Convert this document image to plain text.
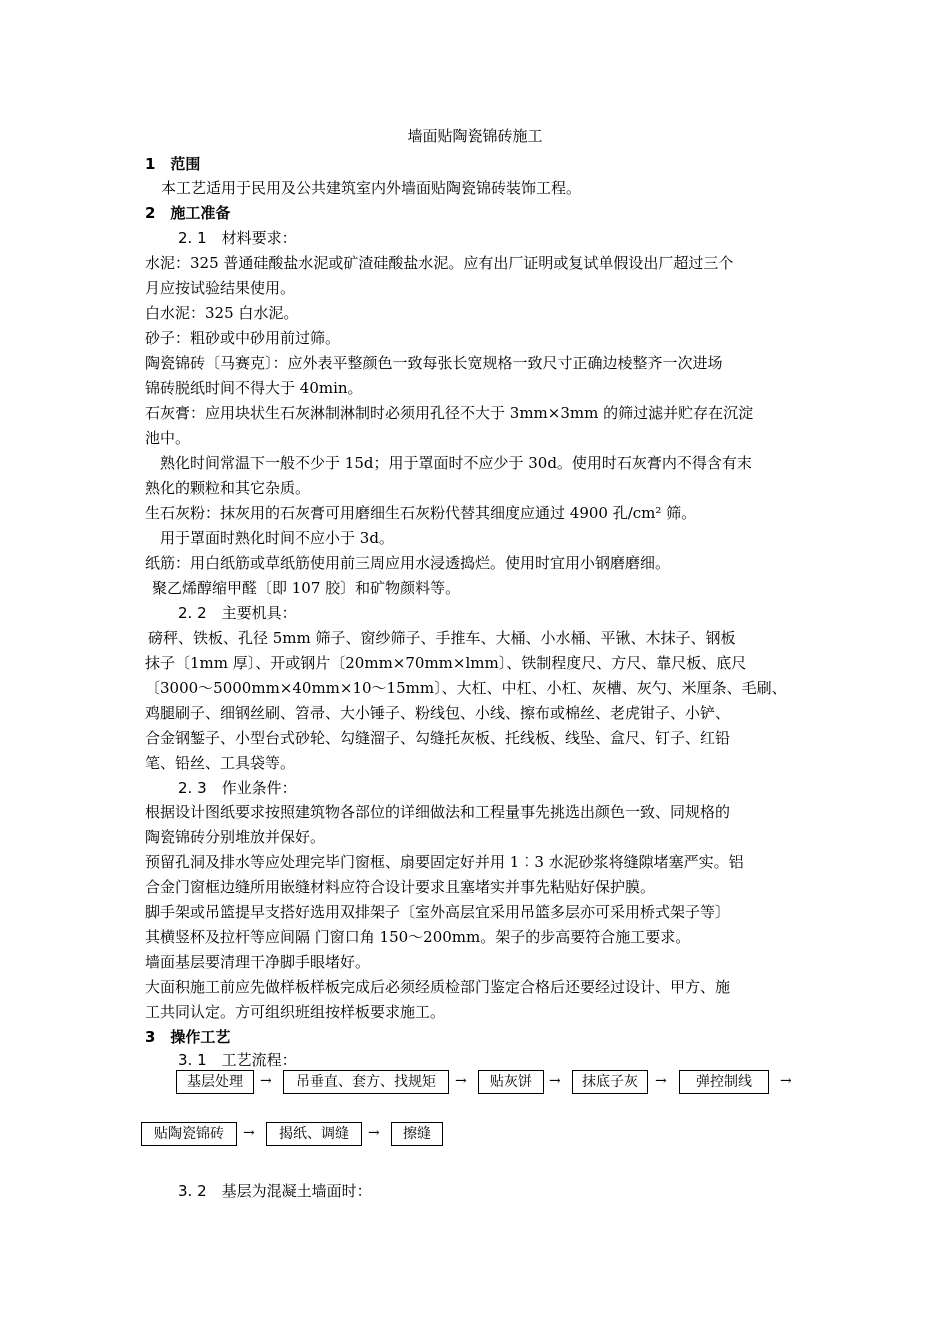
墙面贴陶瓷锦砖施工
1　范围
本工艺适用于民用及公共建筑室内外墙面贴陶瓷锦砖装饰工程。
2　施工准备
2. 1　材料要求：
水泥：325 普通硅酸盐水泥或矿渣硅酸盐水泥。应有出厂证明或复试单假设出厂超过三个
月应按试验结果使用。
白水泥：325 白水泥。
砂子：粗砂或中砂用前过筛。
陶瓷锦砖〔马赛克〕：应外表平整颜色一致每张长宽规格一致尺寸正确边棱整齐一次进场
锦砖脱纸时间不得大于 40min。
石灰膏：应用块状生石灰淋制淋制时必须用孔径不大于 3mm×3mm 的筛过滤并贮存在沉淀
池中。
熟化时间常温下一般不少于 15d；用于罩面时不应少于 30d。使用时石灰膏内不得含有末
熟化的颗粒和其它杂质。
生石灰粉：抹灰用的石灰膏可用磨细生石灰粉代替其细度应通过 4900 孔/cm² 筛。
用于罩面时熟化时间不应小于 3d。
纸筋：用白纸筋或草纸筋使用前三周应用水浸透捣烂。使用时宜用小钢磨磨细。
聚乙烯醇缩甲醛〔即 107 胶〕和矿物颜料等。
2. 2　主要机具：
磅秤、铁板、孔径 5mm 筛子、窗纱筛子、手推车、大桶、小水桶、平锹、木抹子、钢板
抹子〔1mm 厚〕、开或钢片〔20mm×70mm×lmm〕、铁制程度尺、方尺、靠尺板、底尺
〔3000～5000mm×40mm×10～15mm〕、大杠、中杠、小杠、灰槽、灰勺、米厘条、毛刷、
鸡腿刷子、细钢丝刷、笤帚、大小锤子、粉线包、小线、擦布或棉丝、老虎钳子、小铲、
合金钢錾子、小型台式砂轮、勾缝溜子、勾缝托灰板、托线板、线坠、盒尺、钉子、红铅
笔、铅丝、工具袋等。
2. 3　作业条件：
根据设计图纸要求按照建筑物各部位的详细做法和工程量事先挑选出颜色一致、同规格的
陶瓷锦砖分别堆放并保好。
预留孔洞及排水等应处理完毕门窗框、扇要固定好并用 1︰3 水泥砂浆将缝隙堵塞严实。铝
合金门窗框边缝所用嵌缝材料应符合设计要求且塞堵实并事先粘贴好保护膜。
脚手架或吊篮提早支搭好选用双排架子〔室外高层宜采用吊篮多层亦可采用桥式架子等〕
其横竖杯及拉杆等应间隔 门窗口角 150～200mm。架子的步高要符合施工要求。
墙面基层要清理干净脚手眼堵好。
大面积施工前应先做样板样板完成后必须经质检部门鉴定合格后还要经过设计、甲方、施
工共同认定。方可组织班组按样板要求施工。
3　操作工艺
3. 1　工艺流程：
3. 2　基层为混凝土墙面时：
基层处理	吊垂直、套方、找规矩	贴灰饼	抹底子灰	弹控制线
贴陶瓷锦砖	揭纸、调缝	擦缝
→	→	→	→	→
→	→
